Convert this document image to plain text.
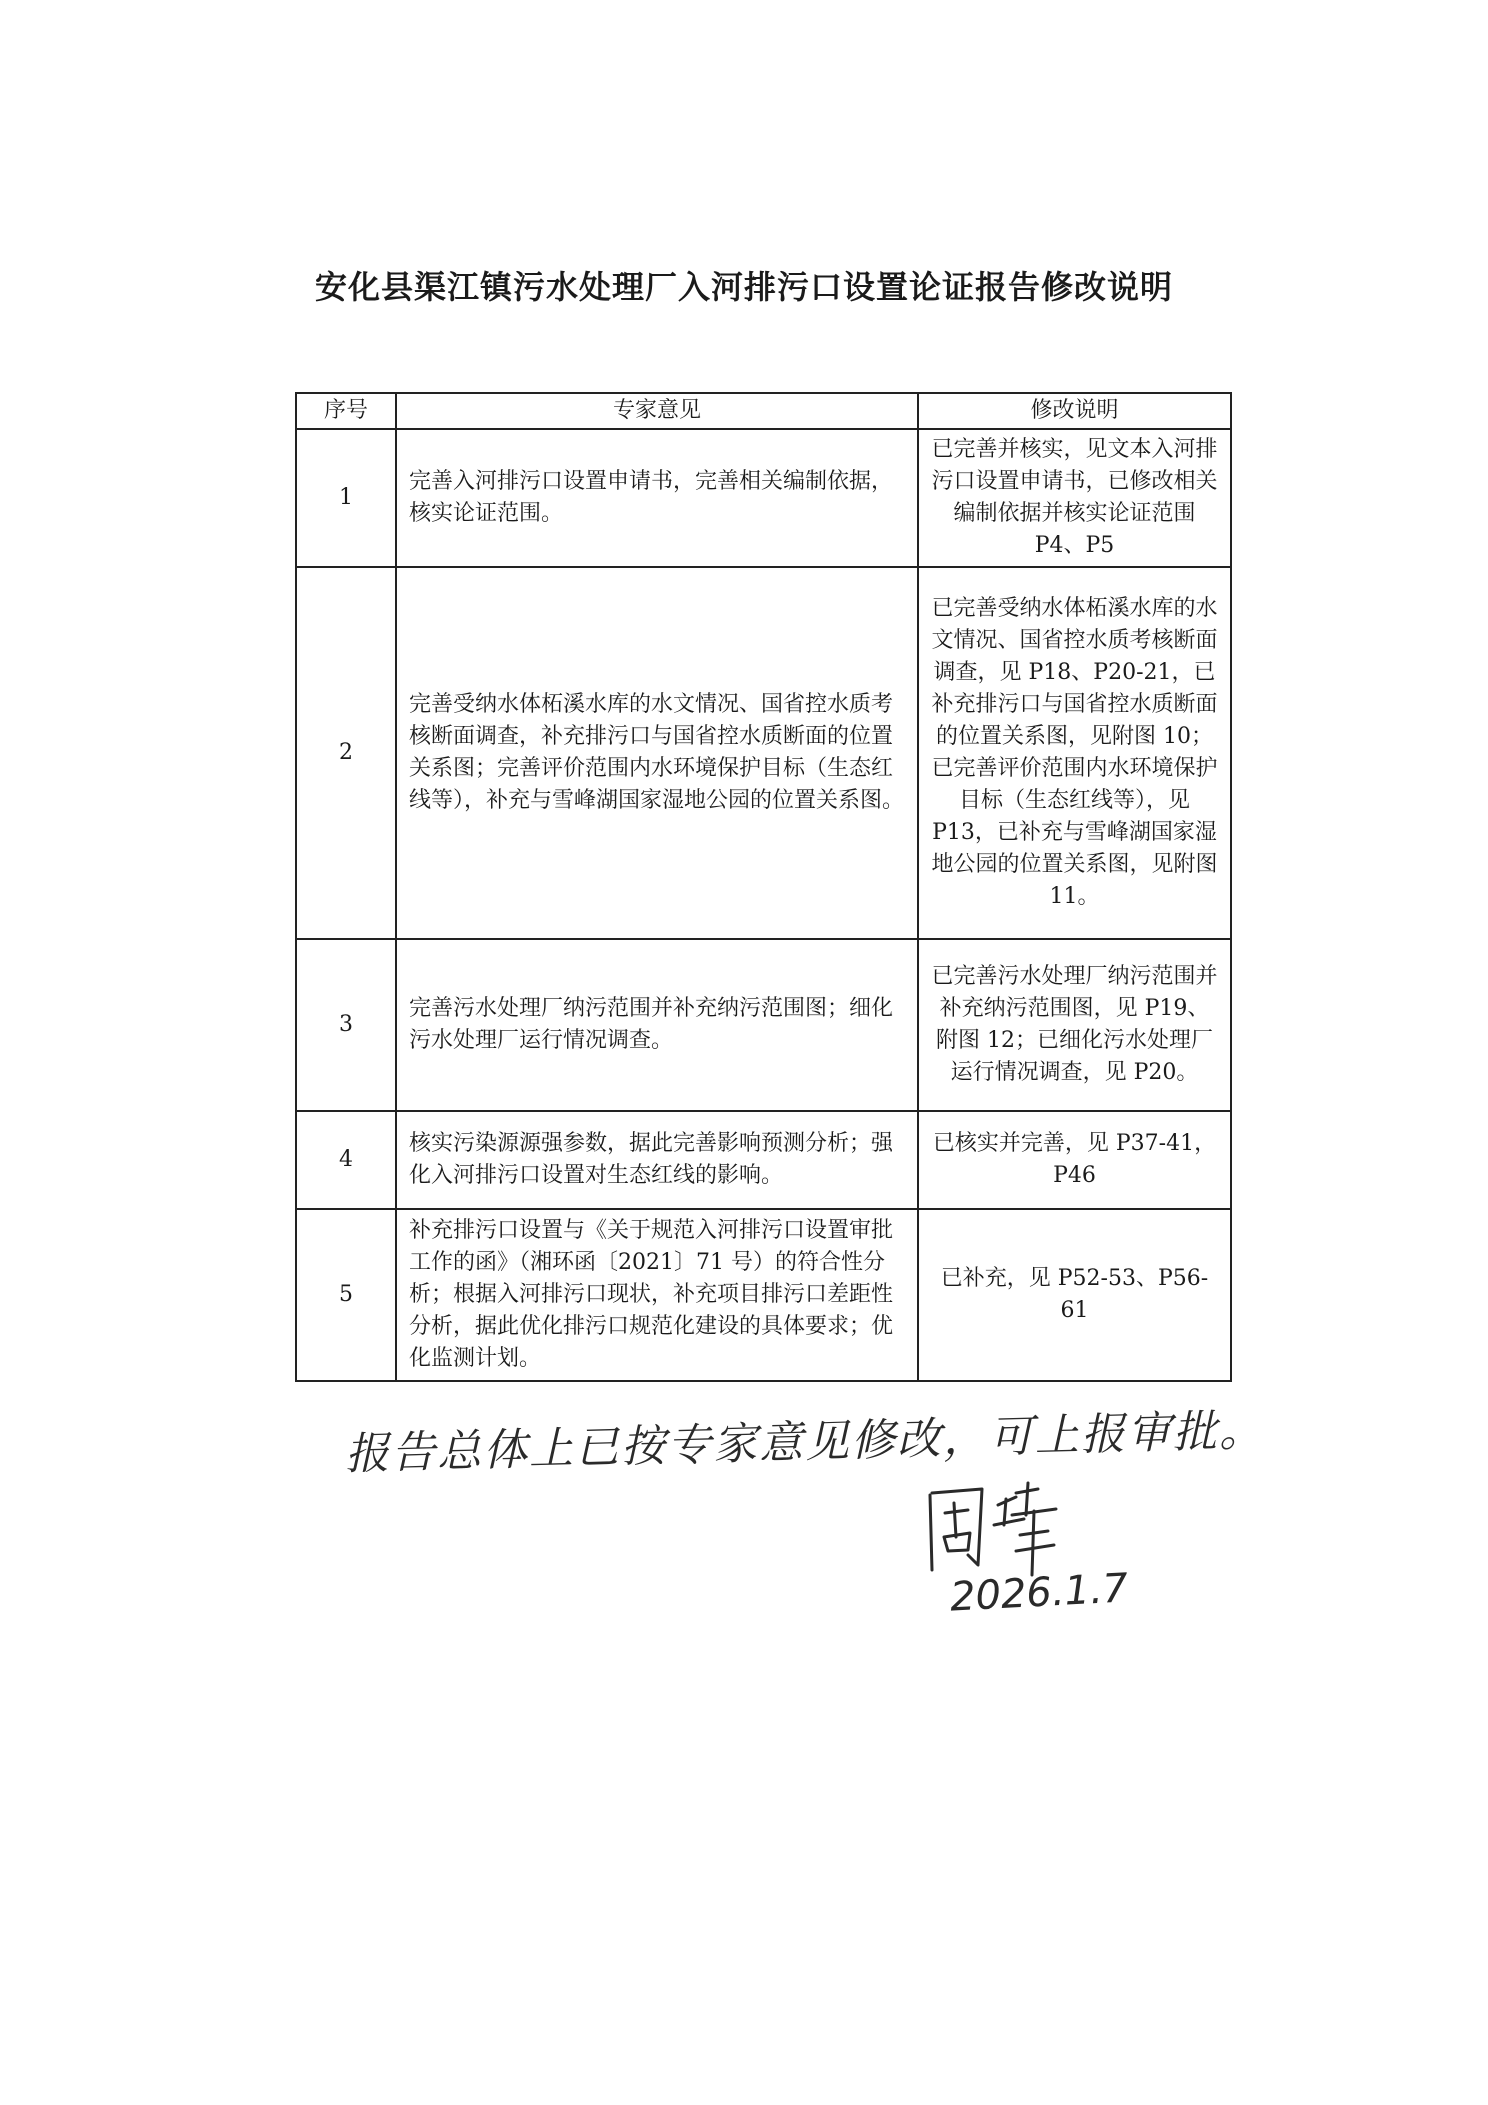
安化县渠江镇污水处理厂入河排污口设置论证报告修改说明
序号	专家意见	修改说明
1	完善入河排污口设置申请书，完善相关编制依据，核实论证范围。	已完善并核实，见文本入河排污口设置申请书，已修改相关编制依据并核实论证范围 P4、P5
2	完善受纳水体柘溪水库的水文情况、国省控水质考核断面调查，补充排污口与国省控水质断面的位置关系图；完善评价范围内水环境保护目标（生态红线等），补充与雪峰湖国家湿地公园的位置关系图。	已完善受纳水体柘溪水库的水文情况、国省控水质考核断面调查，见 P18、P20-21，已补充排污口与国省控水质断面的位置关系图，见附图 10；已完善评价范围内水环境保护目标（生态红线等），见 P13，已补充与雪峰湖国家湿地公园的位置关系图，见附图 11。
3	完善污水处理厂纳污范围并补充纳污范围图；细化污水处理厂运行情况调查。	已完善污水处理厂纳污范围并补充纳污范围图，见 P19、附图 12；已细化污水处理厂运行情况调查，见 P20。
4	核实污染源源强参数，据此完善影响预测分析；强化入河排污口设置对生态红线的影响。	已核实并完善，见 P37-41，P46
5	补充排污口设置与《关于规范入河排污口设置审批工作的函》（湘环函〔2021〕71 号）的符合性分析；根据入河排污口现状，补充项目排污口差距性分析，据此优化排污口规范化建设的具体要求；优化监测计划。	已补充，见 P52-53、P56-61
报告总体上已按专家意见修改，可上报审批。
2026.1.7
